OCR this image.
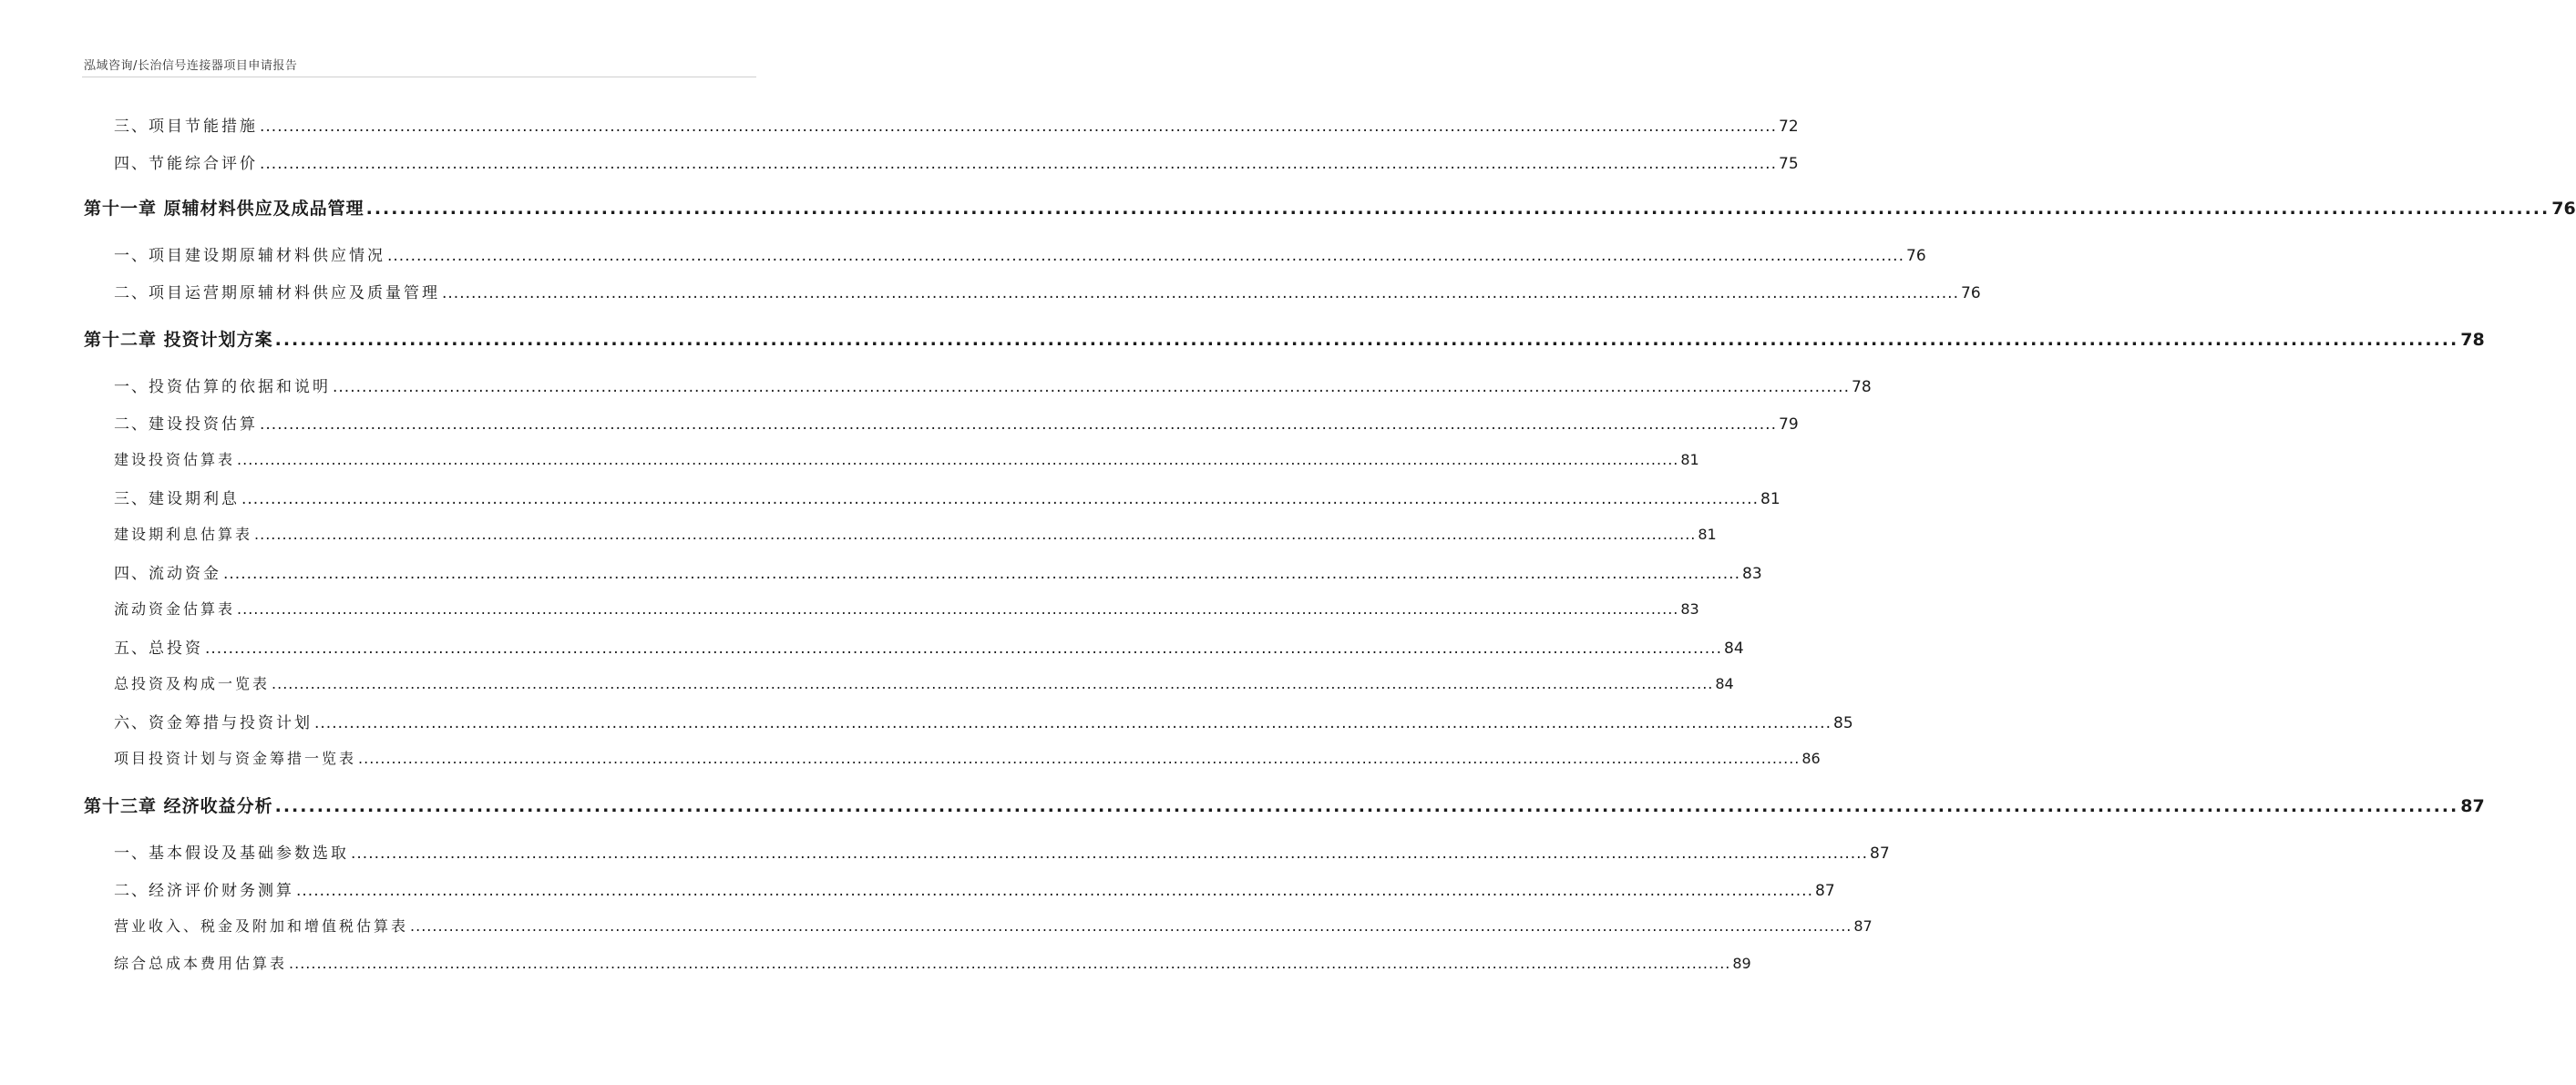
泓域咨询/长治信号连接器项目申请报告
三、 项目节能措施 .................................................................................................................................................................................................................................................................... 72
四、 节能综合评价 .................................................................................................................................................................................................................................................................... 75
第十一章 原辅材料供应及成品管理 .................................................................................................................................................................................................................................................................... 76
一、 项目建设期原辅材料供应情况 .................................................................................................................................................................................................................................................................... 76
二、 项目运营期原辅材料供应及质量管理 .................................................................................................................................................................................................................................................................... 76
第十二章 投资计划方案 .................................................................................................................................................................................................................................................................... 78
一、 投资估算的依据和说明 .................................................................................................................................................................................................................................................................... 78
二、 建设投资估算 .................................................................................................................................................................................................................................................................... 79
建设投资估算表 .................................................................................................................................................................................................................................................................... 81
三、 建设期利息 .................................................................................................................................................................................................................................................................... 81
建设期利息估算表 .................................................................................................................................................................................................................................................................... 81
四、 流动资金 .................................................................................................................................................................................................................................................................... 83
流动资金估算表 .................................................................................................................................................................................................................................................................... 83
五、 总投资 .................................................................................................................................................................................................................................................................... 84
总投资及构成一览表 .................................................................................................................................................................................................................................................................... 84
六、 资金筹措与投资计划 .................................................................................................................................................................................................................................................................... 85
项目投资计划与资金筹措一览表 .................................................................................................................................................................................................................................................................... 86
第十三章 经济收益分析 .................................................................................................................................................................................................................................................................... 87
一、 基本假设及基础参数选取 .................................................................................................................................................................................................................................................................... 87
二、 经济评价财务测算 .................................................................................................................................................................................................................................................................... 87
营业收入、税金及附加和增值税估算表 .................................................................................................................................................................................................................................................................... 87
综合总成本费用估算表 .................................................................................................................................................................................................................................................................... 89
